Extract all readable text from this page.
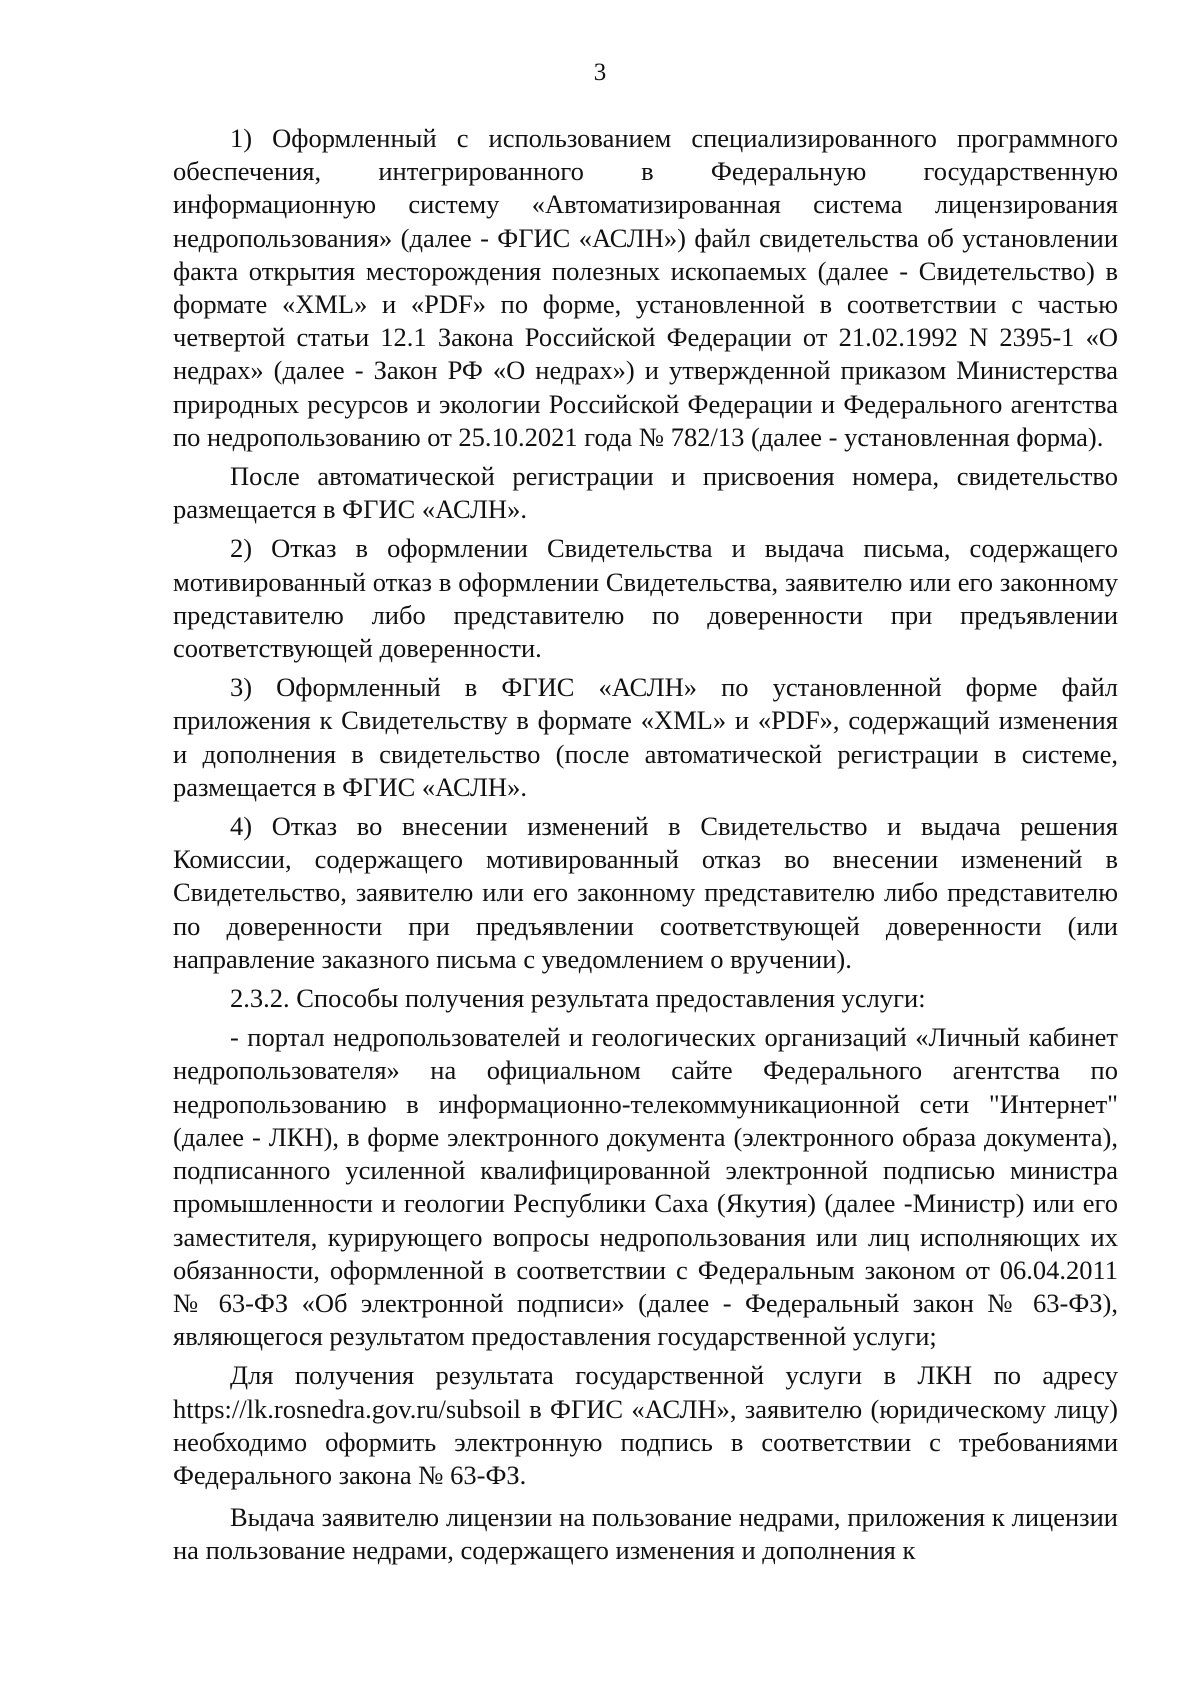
3

1) Оформленный с использованием специализированного программного обеспечения, интегрированного в Федеральную государственную информационную систему «Автоматизированная система лицензирования недропользования» (далее - ФГИС «АСЛН») файл свидетельства об установлении факта открытия месторождения полезных ископаемых (далее - Свидетельство) в формате «XML» и «PDF» по форме, установленной в соответствии с частью четвертой статьи 12.1 Закона Российской Федерации от 21.02.1992 N 2395-1 «О недрах» (далее - Закон РФ «О недрах») и утвержденной приказом Министерства природных ресурсов и экологии Российской Федерации и Федерального агентства по недропользованию от 25.10.2021 года № 782/13 (далее - установленная форма).

После автоматической регистрации и присвоения номера, свидетельство размещается в ФГИС «АСЛН».

2) Отказ в оформлении Свидетельства и выдача письма, содержащего мотивированный отказ в оформлении Свидетельства, заявителю или его законному представителю либо представителю по доверенности при предъявлении соответствующей доверенности.

3) Оформленный в ФГИС «АСЛН» по установленной форме файл приложения к Свидетельству в формате «XML» и «PDF», содержащий изменения и дополнения в свидетельство (после автоматической регистрации в системе, размещается в ФГИС «АСЛН».

4) Отказ во внесении изменений в Свидетельство и выдача решения Комиссии, содержащего мотивированный отказ во внесении изменений в Свидетельство, заявителю или его законному представителю либо представителю по доверенности при предъявлении соответствующей доверенности (или направление заказного письма с уведомлением о вручении).

2.3.2. Способы получения результата предоставления услуги:

- портал недропользователей и геологических организаций «Личный кабинет недропользователя» на официальном сайте Федерального агентства по недропользованию в информационно-телекоммуникационной сети "Интернет" (далее - ЛКН), в форме электронного документа (электронного образа документа), подписанного усиленной квалифицированной электронной подписью министра промышленности и геологии Республики Саха (Якутия) (далее -Министр) или его заместителя, курирующего вопросы недропользования или лиц исполняющих их обязанности, оформленной в соответствии с Федеральным законом от 06.04.2011 № 63-ФЗ «Об электронной подписи» (далее - Федеральный закон № 63-ФЗ), являющегося результатом предоставления государственной услуги;

Для получения результата государственной услуги в ЛКН по адресу https://lk.rosnedra.gov.ru/subsoil в ФГИС «АСЛН», заявителю (юридическому лицу) необходимо оформить электронную подпись в соответствии с требованиями Федерального закона № 63-ФЗ.

Выдача заявителю лицензии на пользование недрами, приложения к лицензии на пользование недрами, содержащего изменения и дополнения к
